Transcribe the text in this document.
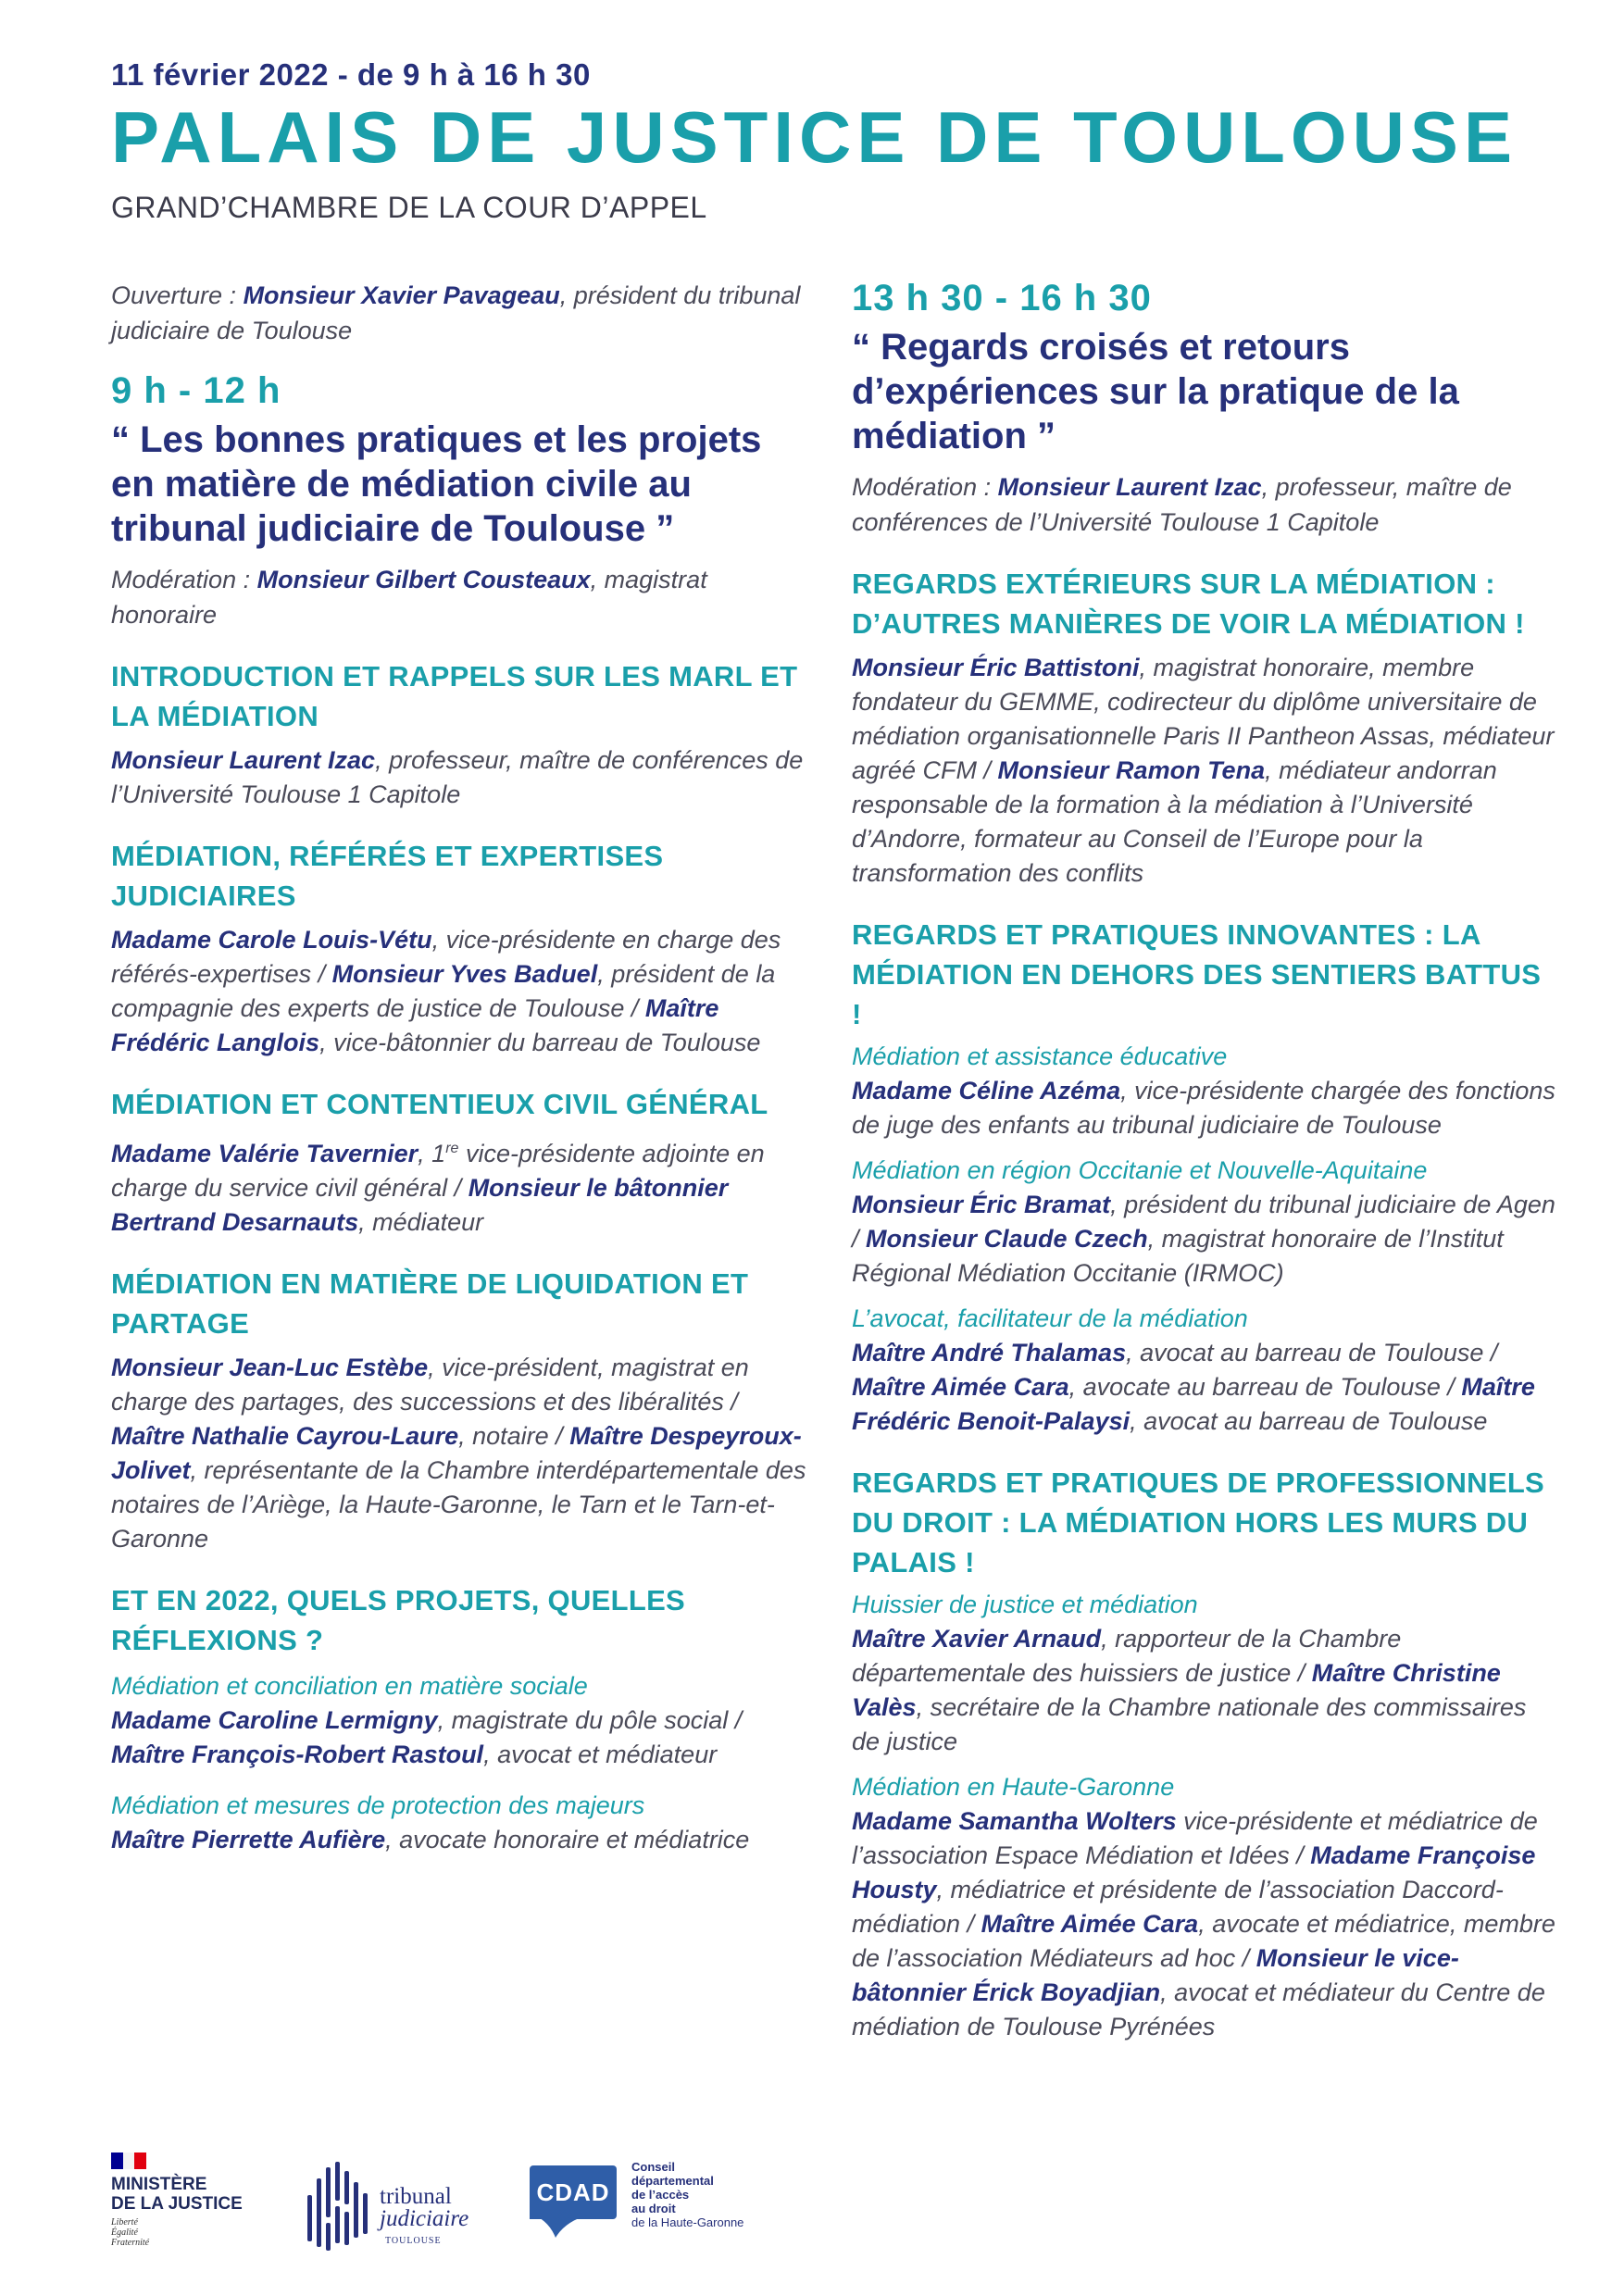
11 février 2022 - de 9 h à 16 h 30

PALAIS DE JUSTICE DE TOULOUSE

GRAND’CHAMBRE DE LA COUR D’APPEL

Ouverture : Monsieur Xavier Pavageau, président du tribunal judiciaire de Toulouse

9 h - 12 h

“ Les bonnes pratiques et les projets en matière de médiation civile au tribunal judiciaire de Toulouse ”

Modération : Monsieur Gilbert Cousteaux, magistrat honoraire

INTRODUCTION ET RAPPELS SUR LES MARL ET LA MÉDIATION

Monsieur Laurent Izac, professeur, maître de conférences de l’Université Toulouse 1 Capitole

MÉDIATION, RÉFÉRÉS ET EXPERTISES JUDICIAIRES

Madame Carole Louis-Vétu, vice-présidente en charge des référés-expertises / Monsieur Yves Baduel, président de la compagnie des experts de justice de Toulouse / Maître Frédéric Langlois, vice-bâtonnier du barreau de Toulouse

MÉDIATION ET CONTENTIEUX CIVIL GÉNÉRAL

Madame Valérie Tavernier, 1re vice-présidente adjointe en charge du service civil général / Monsieur le bâtonnier Bertrand Desarnauts, médiateur

MÉDIATION EN MATIÈRE DE LIQUIDATION ET PARTAGE

Monsieur Jean-Luc Estèbe, vice-président, magistrat en charge des partages, des successions et des libéralités / Maître Nathalie Cayrou-Laure, notaire / Maître Despeyroux-Jolivet, représentante de la Chambre interdépartementale des notaires de l’Ariège, la Haute-Garonne, le Tarn et le Tarn-et-Garonne

ET EN 2022, QUELS PROJETS, QUELLES RÉFLEXIONS ?

Médiation et conciliation en matière sociale

Madame Caroline Lermigny, magistrate du pôle social / Maître François-Robert Rastoul, avocat et médiateur

Médiation et mesures de protection des majeurs

Maître Pierrette Aufière, avocate honoraire et médiatrice

13 h 30 - 16 h 30

“ Regards croisés et retours d’expériences sur la pratique de la médiation ”

Modération : Monsieur Laurent Izac, professeur, maître de conférences de l’Université Toulouse 1 Capitole

REGARDS EXTÉRIEURS SUR LA MÉDIATION : D’AUTRES MANIÈRES DE VOIR LA MÉDIATION !

Monsieur Éric Battistoni, magistrat honoraire, membre fondateur du GEMME, codirecteur du diplôme universitaire de médiation organisationnelle Paris II Pantheon Assas, médiateur agréé CFM / Monsieur Ramon Tena, médiateur andorran responsable de la formation à la médiation à l’Université d’Andorre, formateur au Conseil de l’Europe pour la transformation des conflits

REGARDS ET PRATIQUES INNOVANTES : LA MÉDIATION EN DEHORS DES SENTIERS BATTUS !

Médiation et assistance éducative

Madame Céline Azéma, vice-présidente chargée des fonctions de juge des enfants au tribunal judiciaire de Toulouse

Médiation en région Occitanie et Nouvelle-Aquitaine

Monsieur Éric Bramat, président du tribunal judiciaire de Agen / Monsieur Claude Czech, magistrat honoraire de l’Institut Régional Médiation Occitanie (IRMOC)

L’avocat, facilitateur de la médiation

Maître André Thalamas, avocat au barreau de Toulouse / Maître Aimée Cara, avocate au barreau de Toulouse / Maître Frédéric Benoit-Palaysi, avocat au barreau de Toulouse

REGARDS ET PRATIQUES DE PROFESSIONNELS DU DROIT : LA MÉDIATION HORS LES MURS DU PALAIS !

Huissier de justice et médiation

Maître Xavier Arnaud, rapporteur de la Chambre départementale des huissiers de justice / Maître Christine Valès, secrétaire de la Chambre nationale des commissaires de justice

Médiation en Haute-Garonne

Madame Samantha Wolters vice-présidente et médiatrice de l’association Espace Médiation et Idées / Madame Françoise Housty, médiatrice et présidente de l’association Daccord-médiation / Maître Aimée Cara, avocate et médiatrice, membre de l’association Médiateurs ad hoc / Monsieur le vice-bâtonnier Érick Boyadjian, avocat et médiateur du Centre de médiation de Toulouse Pyrénées

MINISTÈRE
DE LA JUSTICE
Liberté
Égalité
Fraternité
tribunal
judiciaire
TOULOUSE
CDAD
Conseil
départemental
de l’accès
au droit
de la Haute-Garonne
